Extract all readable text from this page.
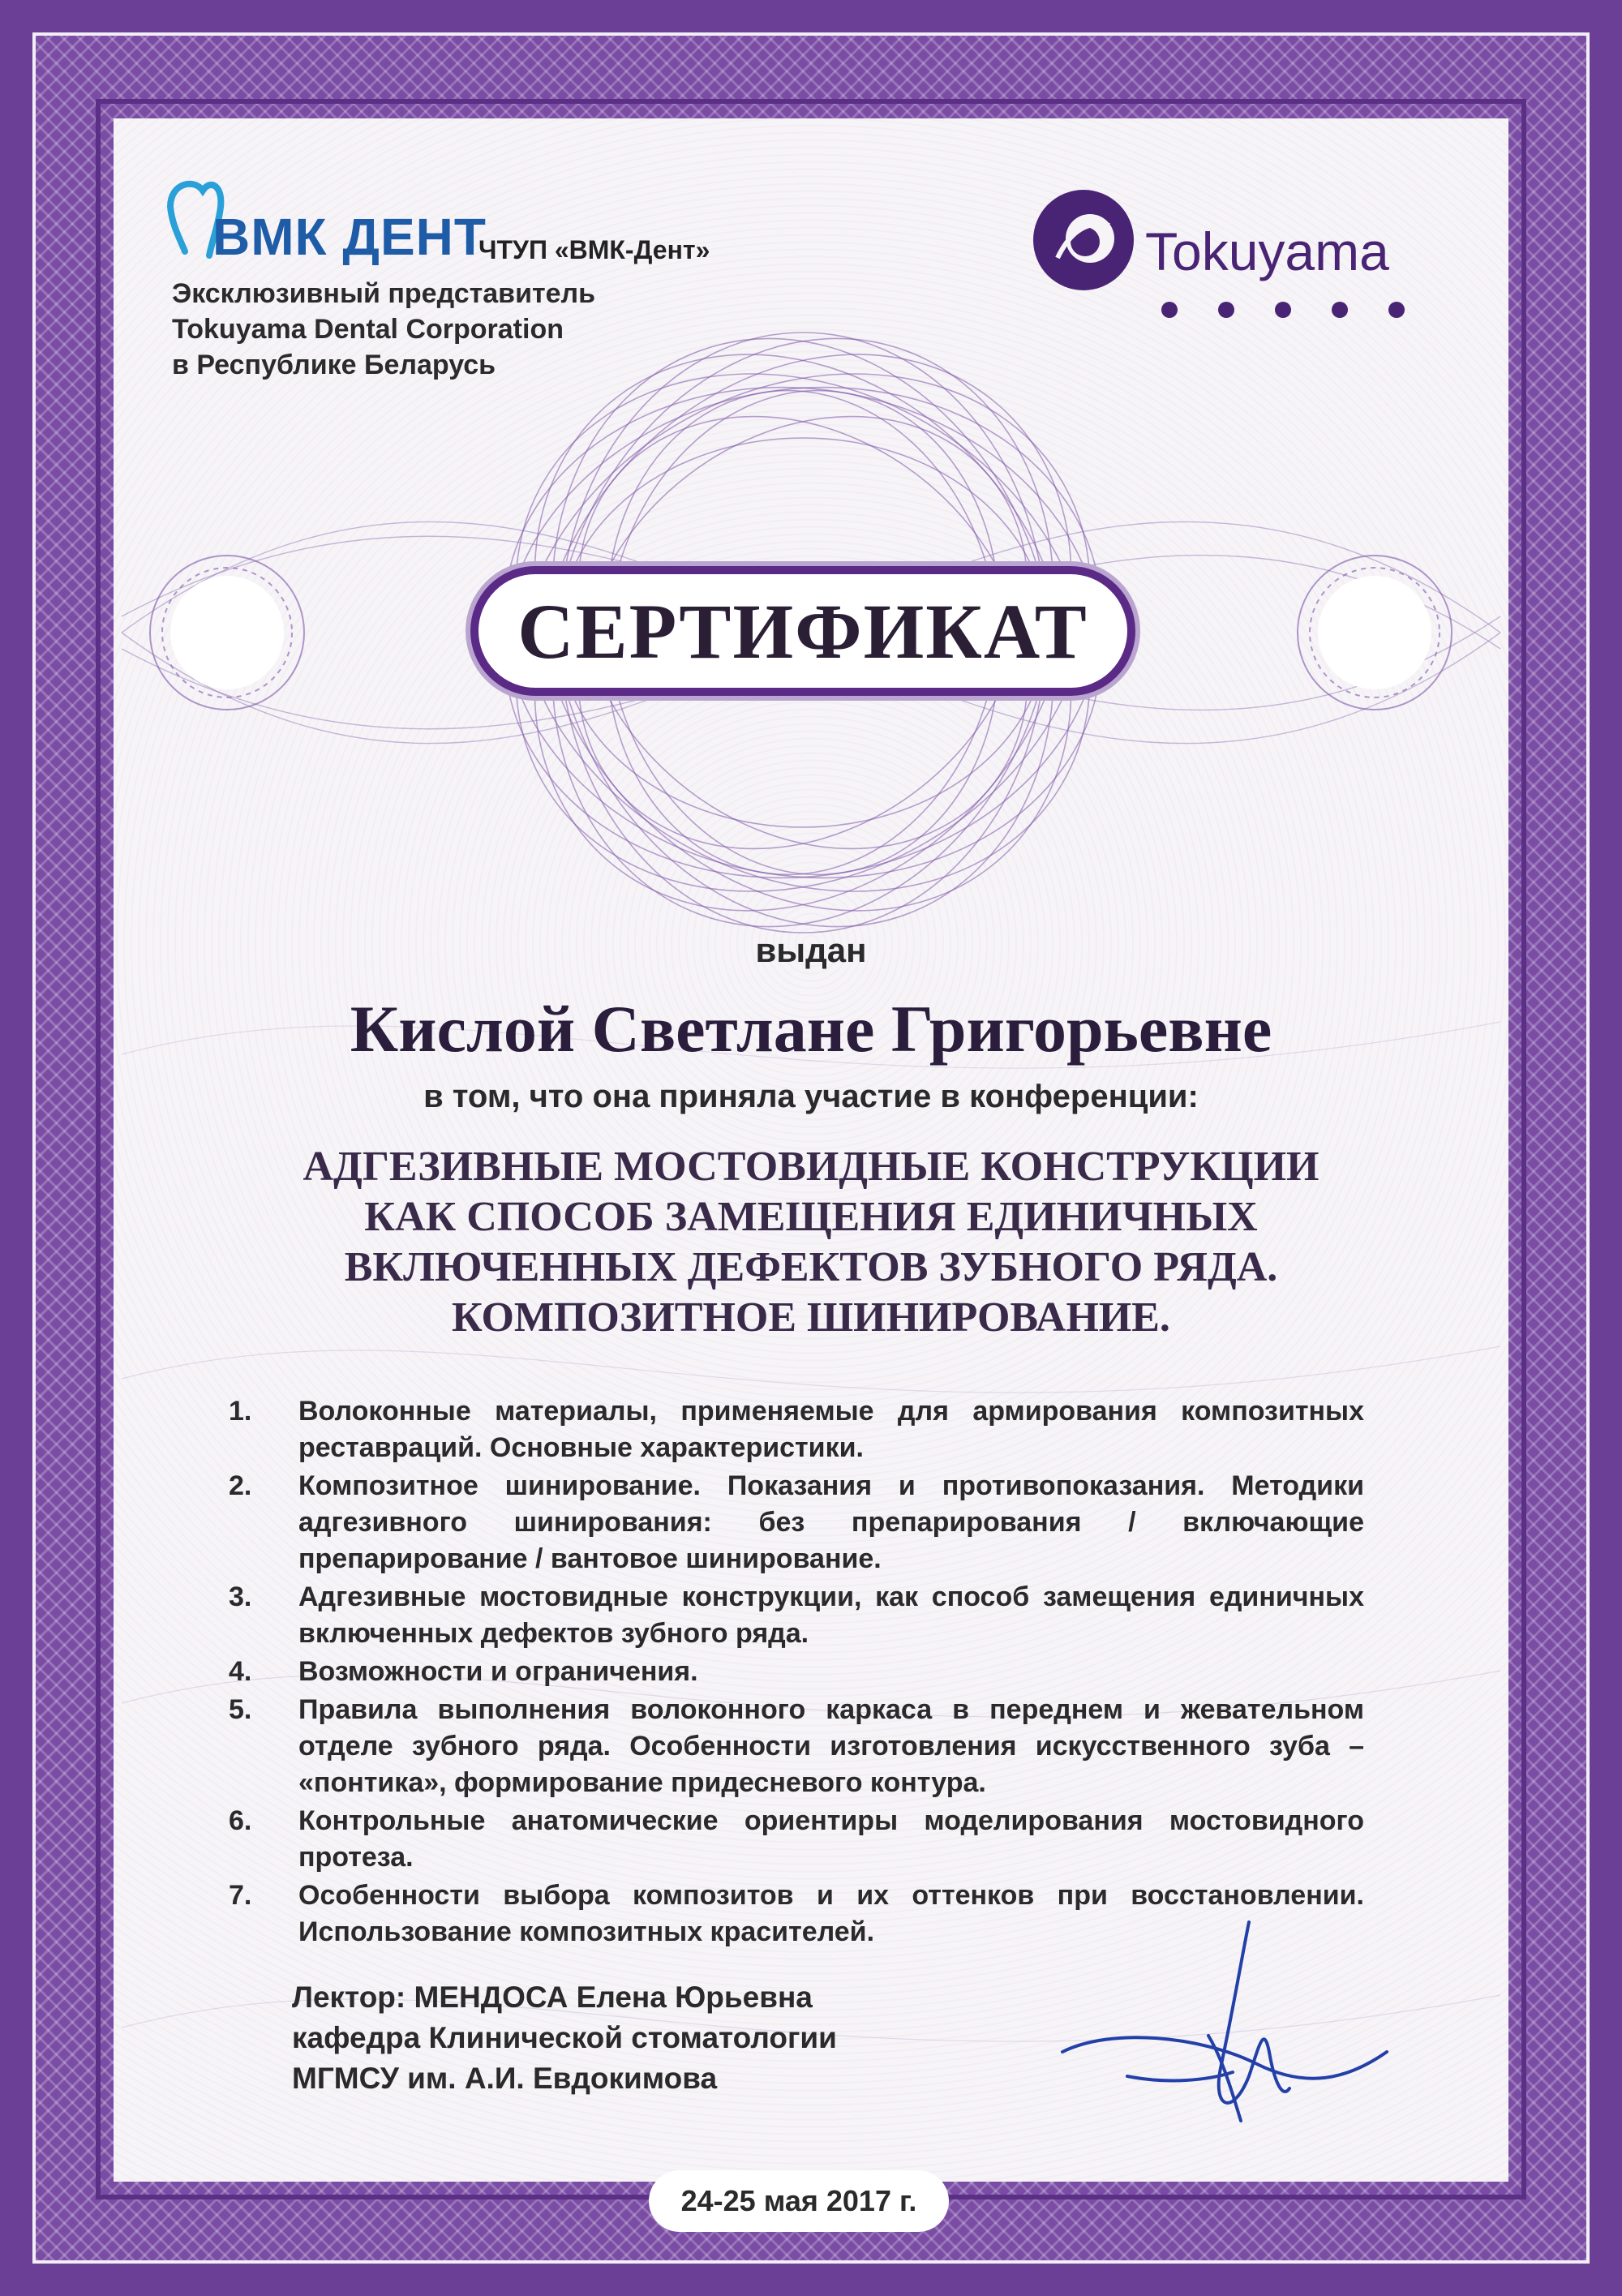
ВМК ДЕНТ
ЧТУП «ВМК-Дент»
Эксклюзивный представитель
Tokuyama Dental Corporation
в Республике Беларусь
Tokuyama
СЕРТИФИКАТ
выдан
Кислой Светлане Григорьевне
в том, что она приняла участие в конференции:
АДГЕЗИВНЫЕ МОСТОВИДНЫЕ КОНСТРУКЦИИ
КАК СПОСОБ ЗАМЕЩЕНИЯ ЕДИНИЧНЫХ
ВКЛЮЧЕННЫХ ДЕФЕКТОВ ЗУБНОГО РЯДА.
КОМПОЗИТНОЕ ШИНИРОВАНИЕ.
1. Волоконные материалы, применяемые для армирования композитных реставраций. Основные характеристики.
2. Композитное шинирование. Показания и противопоказания. Методики адгезивного шинирования: без препарирования / включающие препарирование / вантовое шинирование.
3. Адгезивные мостовидные конструкции, как способ замещения единичных включенных дефектов зубного ряда.
4. Возможности и ограничения.
5. Правила выполнения волоконного каркаса в переднем и жевательном отделе зубного ряда. Особенности изготовления искусственного зуба – «понтика», формирование придесневого контура.
6. Контрольные анатомические ориентиры моделирования мостовидного протеза.
7. Особенности выбора композитов и их оттенков при восстановлении. Использование композитных красителей.
Лектор: МЕНДОСА Елена Юрьевна
кафедра Клинической стоматологии
МГМСУ им. А.И. Евдокимова
24-25 мая 2017 г.
